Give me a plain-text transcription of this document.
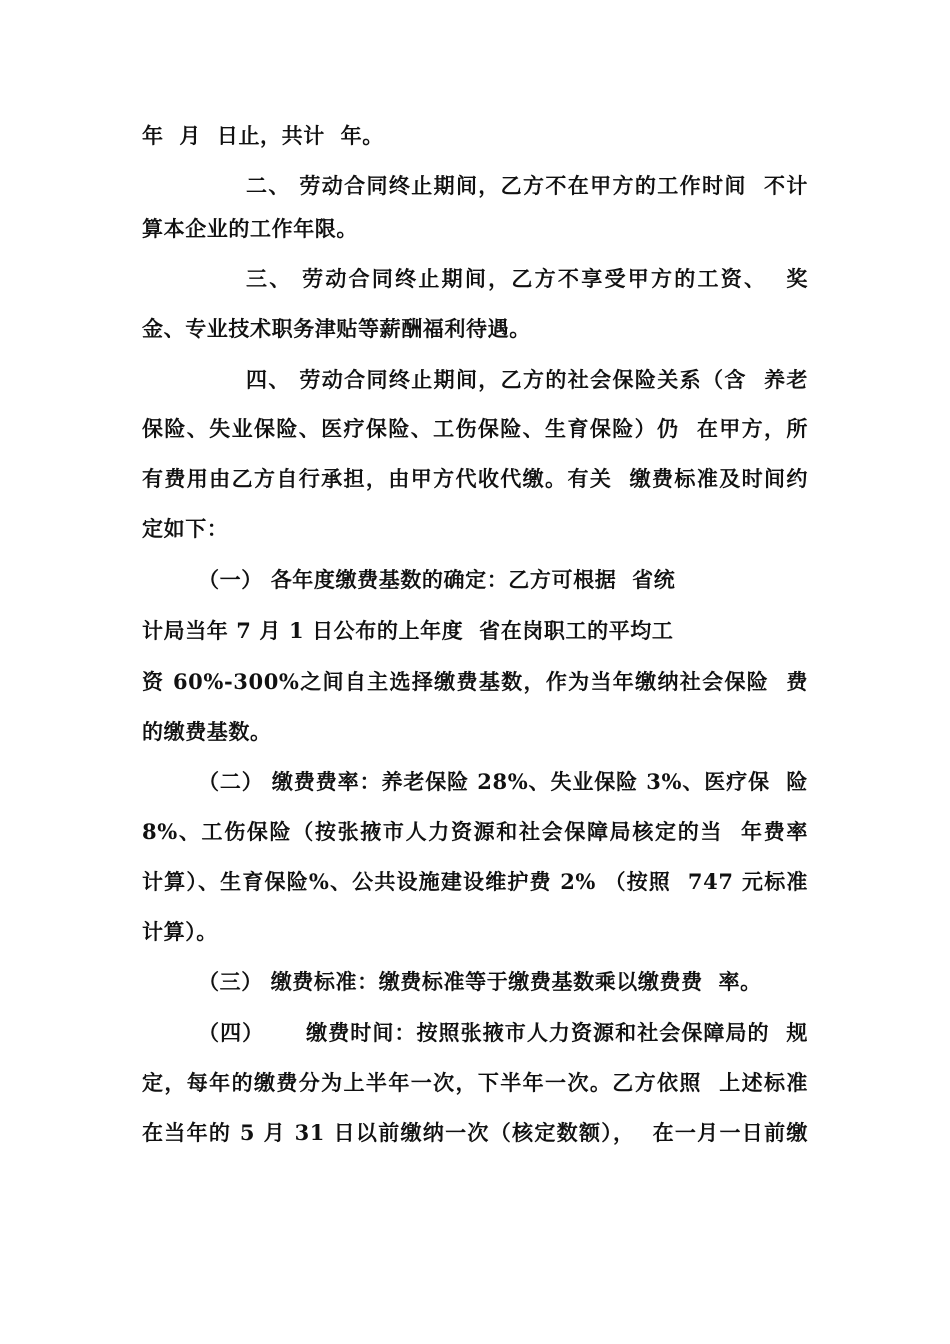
年  月  日止，共计  年。
二、 劳动合同终止期间，乙方不在甲方的工作时间  不计
算本企业的工作年限。
三、 劳动合同终止期间，乙方不享受甲方的工资、  奖
金、专业技术职务津贴等薪酬福利待遇。
四、 劳动合同终止期间，乙方的社会保险关系（含  养老
保险、失业保险、医疗保险、工伤保险、生育保险）仍  在甲方，所
有费用由乙方自行承担，由甲方代收代缴。有关  缴费标准及时间约
定如下：
（一） 各年度缴费基数的确定：乙方可根据  省统
计局当年 7 月 1 日公布的上年度  省在岗职工的平均工
资 60%-300%之间自主选择缴费基数，作为当年缴纳社会保险  费
的缴费基数。
（二） 缴费费率：养老保险 28%、失业保险 3%、医疗保  险
8%、工伤保险（按张掖市人力资源和社会保障局核定的当  年费率
计算）、生育保险%、公共设施建设维护费 2% （按照  747 元标准
计算）。
（三） 缴费标准：缴费标准等于缴费基数乘以缴费费  率。
（四）     缴费时间：按照张掖市人力资源和社会保障局的  规
定，每年的缴费分为上半年一次，下半年一次。乙方依照  上述标准
在当年的 5 月 31 日以前缴纳一次（核定数额），  在一月一日前缴
